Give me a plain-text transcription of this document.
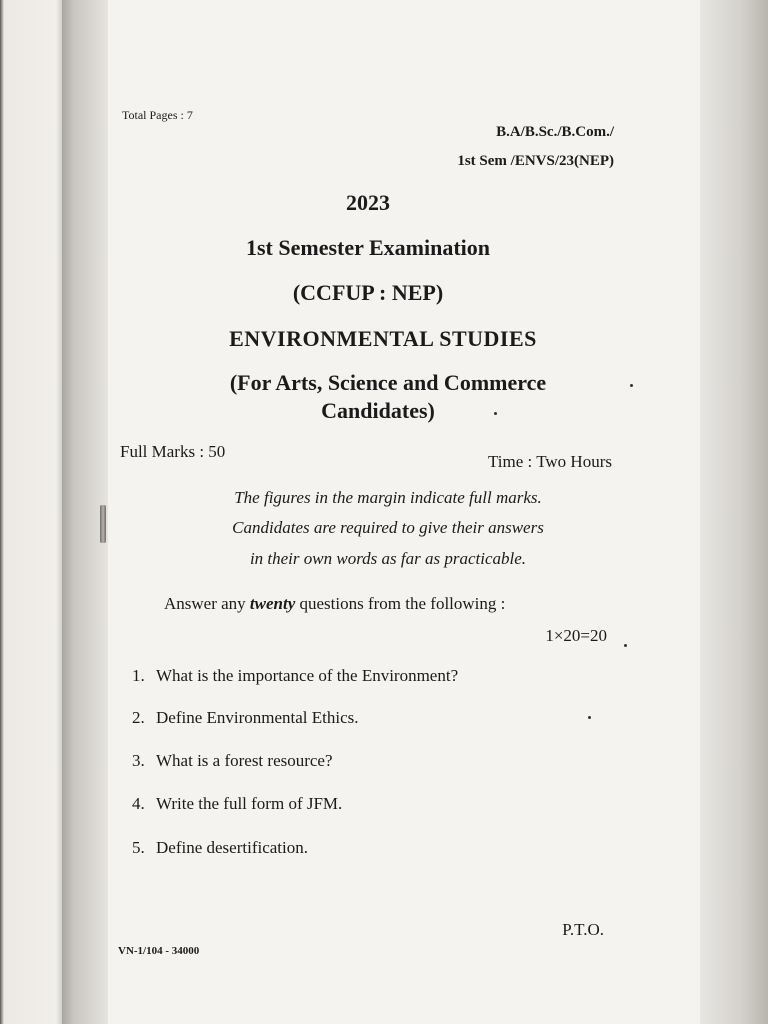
Total Pages : 7
B.A/B.Sc./B.Com./
1st Sem /ENVS/23(NEP)
2023
1st Semester Examination
(CCFUP : NEP)
ENVIRONMENTAL STUDIES
(For Arts, Science and Commerce
Candidates)
Full Marks : 50
Time : Two Hours
The figures in the margin indicate full marks.
Candidates are required to give their answers
in their own words as far as practicable.
Answer any twenty questions from the following :
1×20=20
1. What is the importance of the Environment?
2. Define Environmental Ethics.
3. What is a forest resource?
4. Write the full form of JFM.
5. Define desertification.
P.T.O.
VN-1/104 - 34000
